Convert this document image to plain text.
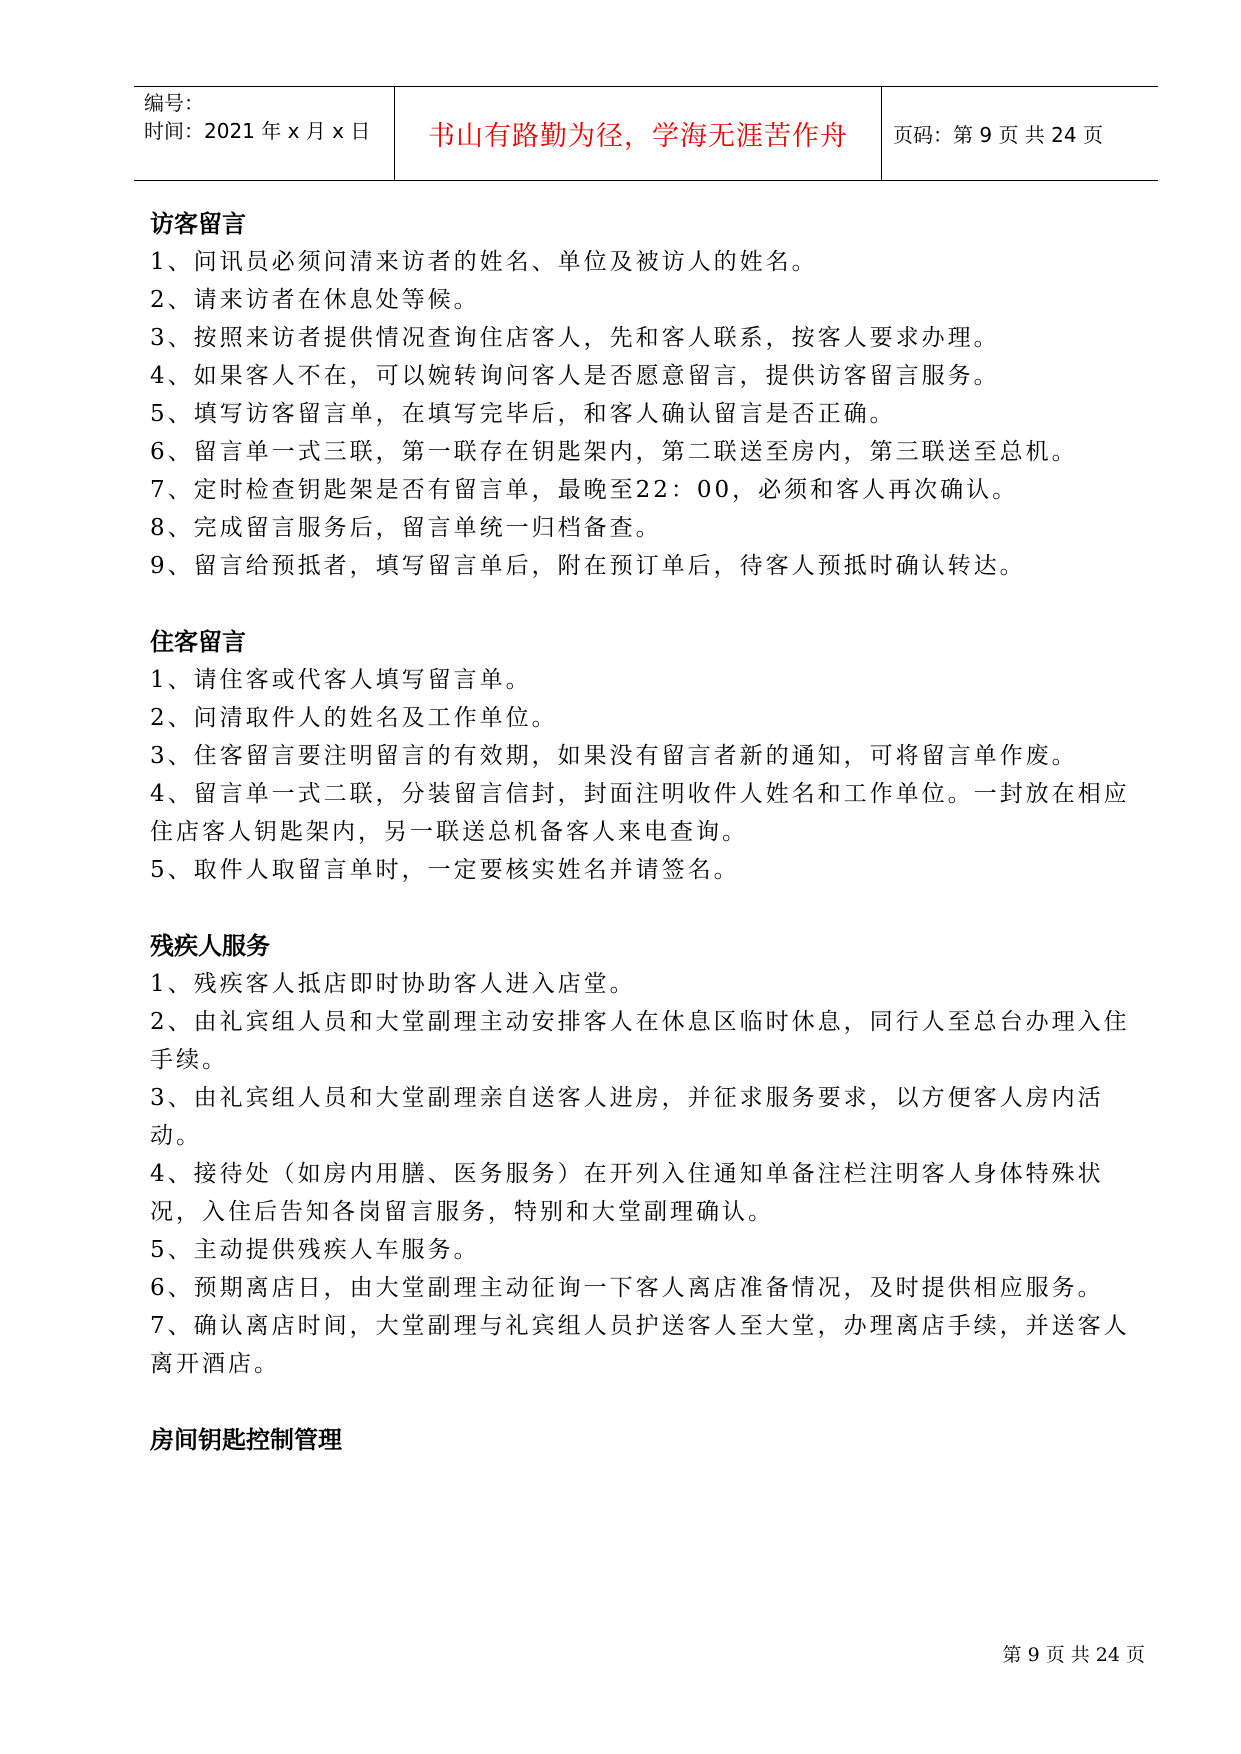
编号：
时间：2021 年 x 月 x 日 书山有路勤为径，学海无涯苦作舟 页码：第 9 页 共 24 页

访客留言

1、问讯员必须问清来访者的姓名、单位及被访人的姓名。

2、请来访者在休息处等候。

3、按照来访者提供情况查询住店客人，先和客人联系，按客人要求办理。

4、如果客人不在，可以婉转询问客人是否愿意留言，提供访客留言服务。

5、填写访客留言单，在填写完毕后，和客人确认留言是否正确。

6、留言单一式三联，第一联存在钥匙架内，第二联送至房内，第三联送至总机。

7、定时检查钥匙架是否有留言单，最晚至22：00，必须和客人再次确认。

8、完成留言服务后，留言单统一归档备查。

9、留言给预抵者，填写留言单后，附在预订单后，待客人预抵时确认转达。

住客留言

1、请住客或代客人填写留言单。

2、问清取件人的姓名及工作单位。

3、住客留言要注明留言的有效期，如果没有留言者新的通知，可将留言单作废。

4、留言单一式二联，分装留言信封，封面注明收件人姓名和工作单位。一封放在相应住店客人钥匙架内，另一联送总机备客人来电查询。

5、取件人取留言单时，一定要核实姓名并请签名。

残疾人服务

1、残疾客人抵店即时协助客人进入店堂。

2、由礼宾组人员和大堂副理主动安排客人在休息区临时休息，同行人至总台办理入住手续。

3、由礼宾组人员和大堂副理亲自送客人进房，并征求服务要求，以方便客人房内活动。

4、接待处（如房内用膳、医务服务）在开列入住通知单备注栏注明客人身体特殊状况，入住后告知各岗留言服务，特别和大堂副理确认。

5、主动提供残疾人车服务。

6、预期离店日，由大堂副理主动征询一下客人离店准备情况，及时提供相应服务。

7、确认离店时间，大堂副理与礼宾组人员护送客人至大堂，办理离店手续，并送客人离开酒店。

房间钥匙控制管理

第 9 页 共 24 页
